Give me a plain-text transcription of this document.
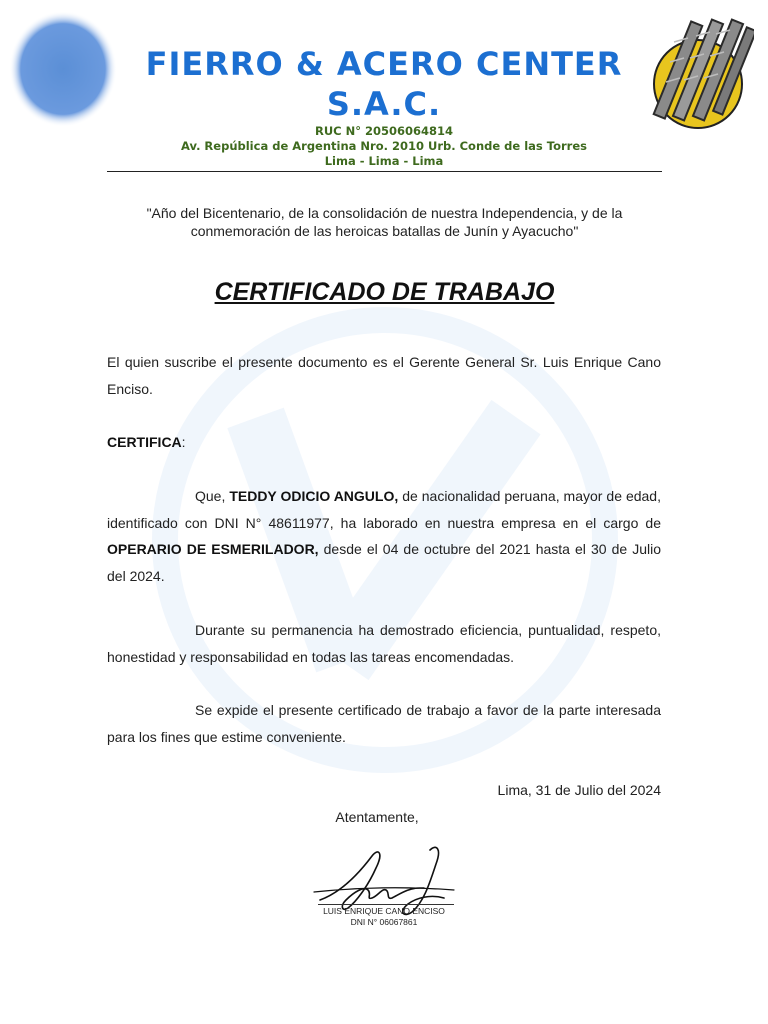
FIERRO & ACERO CENTER S.A.C.
RUC N° 20506064814
Av. República de Argentina Nro. 2010 Urb. Conde de las Torres
Lima - Lima - Lima
"Año del Bicentenario, de la consolidación de nuestra Independencia, y de la conmemoración de las heroicas batallas de Junín y Ayacucho"
CERTIFICADO DE TRABAJO
El quien suscribe el presente documento es el Gerente General Sr. Luis Enrique Cano Enciso.
CERTIFICA:
Que, TEDDY ODICIO ANGULO, de nacionalidad peruana, mayor de edad, identificado con DNI N° 48611977, ha laborado en nuestra empresa en el cargo de OPERARIO DE ESMERILADOR, desde el 04 de octubre del 2021 hasta el 30 de Julio del 2024.
Durante su permanencia ha demostrado eficiencia, puntualidad, respeto, honestidad y responsabilidad en todas las tareas encomendadas.
Se expide el presente certificado de trabajo a favor de la parte interesada para los fines que estime conveniente.
Lima, 31 de Julio del 2024
Atentamente,
LUIS ENRIQUE CANO ENCISO
DNI N° 06067861
